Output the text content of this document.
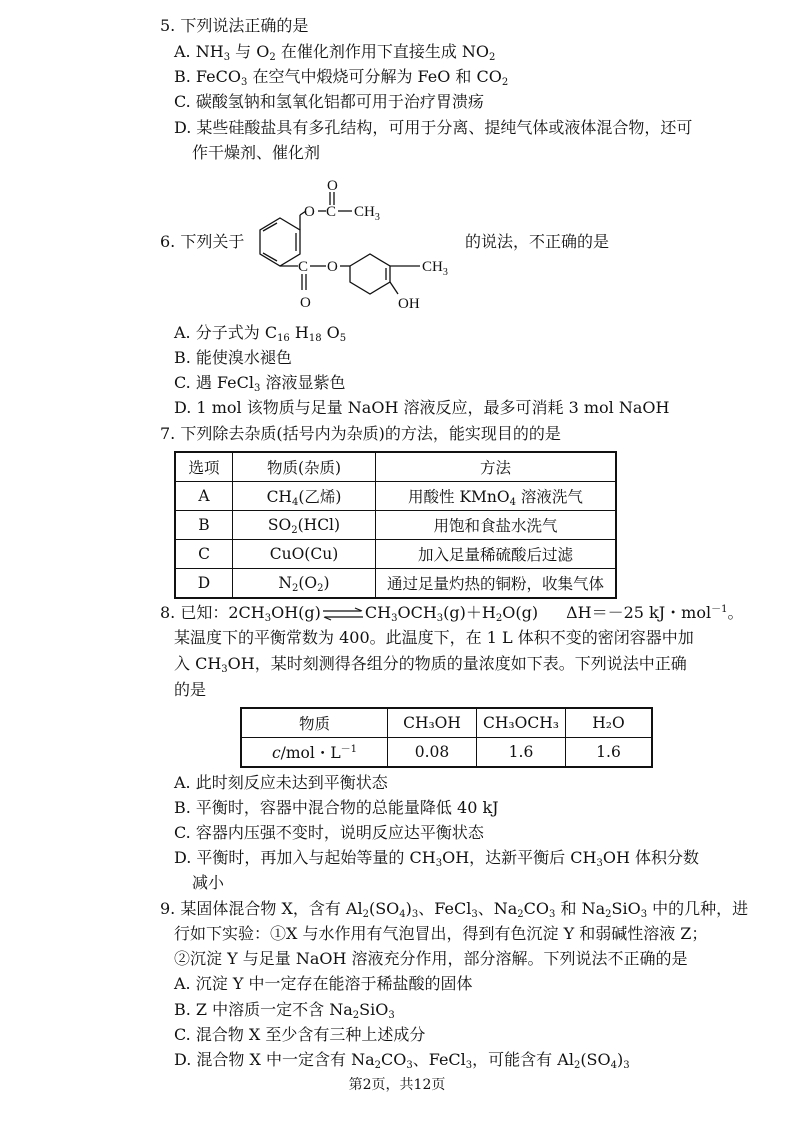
5. 下列说法正确的是
A. $NH_3$ 与 $O_2$ 在催化剂作用下直接生成 $NO_2$
B. FeCO$_3$ 在空气中煅烧可分解为 FeO 和 $CO_2$
C. 碳酸氢钠和氢氧化铝都可用于治疗胃溃疡
D. 某些硅酸盐具有多孔结构，可用于分离、提纯气体或液体混合物，还可
作干燥剂、催化剂
6. 下列关于
O C
O
$CH_3$
C
O
O	$CH_3$
OH
的说法，不正确的是
A. 分子式为 $C_{16}$ $H_{18}$ $O_5$
B. 能使溴水褪色
C. 遇 FeCl$_3$ 溶液显紫色
D. 1 mol 该物质与足量 NaOH 溶液反应，最多可消耗 3 mol NaOH
7. 下列除去杂质(括号内为杂质)的方法，能实现目的的是
选项	物质(杂质)	方法
A	$CH_4$(乙烯)	用酸性 KMnO$_4$ 溶液洗气
B	$SO_2(HCl)$	用饱和食盐水洗气
C	CuO(Cu)	加入足量稀硫酸后过滤
D	$N_2(O_2)$	通过足量灼热的铜粉，收集气体
8. 已知：$2CH_3OH(g)\rightleftharpoons CH_3OCH_3(g)+H_2O(g)$ ΔH＝－25 kJ・mol$^{-1}$。
某温度下的平衡常数为 400。此温度下，在 1 L 体积不变的密闭容器中加
入 $CH_3OH$，某时刻测得各组分的物质的量浓度如下表。下列说法中正确
的是
物质	CH₃OH	CH₃OCH₃	H₂O
c/mol・$L^{-1}$	0.08	1.6	1.6
A. 此时刻反应未达到平衡状态
B. 平衡时，容器中混合物的总能量降低 40 kJ
C. 容器内压强不变时，说明反应达平衡状态
D. 平衡时，再加入与起始等量的 $CH_3OH$，达新平衡后 $CH_3OH$ 体积分数
减小
9. 某固体混合物 X，含有 $Al_2(SO_4)_3$、FeCl$_3$、$Na_2CO_3$ 和 $Na_2SiO_3$ 中的几种，进
行如下实验：①X 与水作用有气泡冒出，得到有色沉淀 Y 和弱碱性溶液 Z；
②沉淀 Y 与足量 NaOH 溶液充分作用，部分溶解。下列说法不正确的是
A. 沉淀 Y 中一定存在能溶于稀盐酸的固体
B. Z 中溶质一定不含 $Na_2SiO_3$
C. 混合物 X 至少含有三种上述成分
D. 混合物 X 中一定含有 $Na_2CO_3$、FeCl$_3$，可能含有 $Al_2(SO_4)_3$
第2页，共12页
